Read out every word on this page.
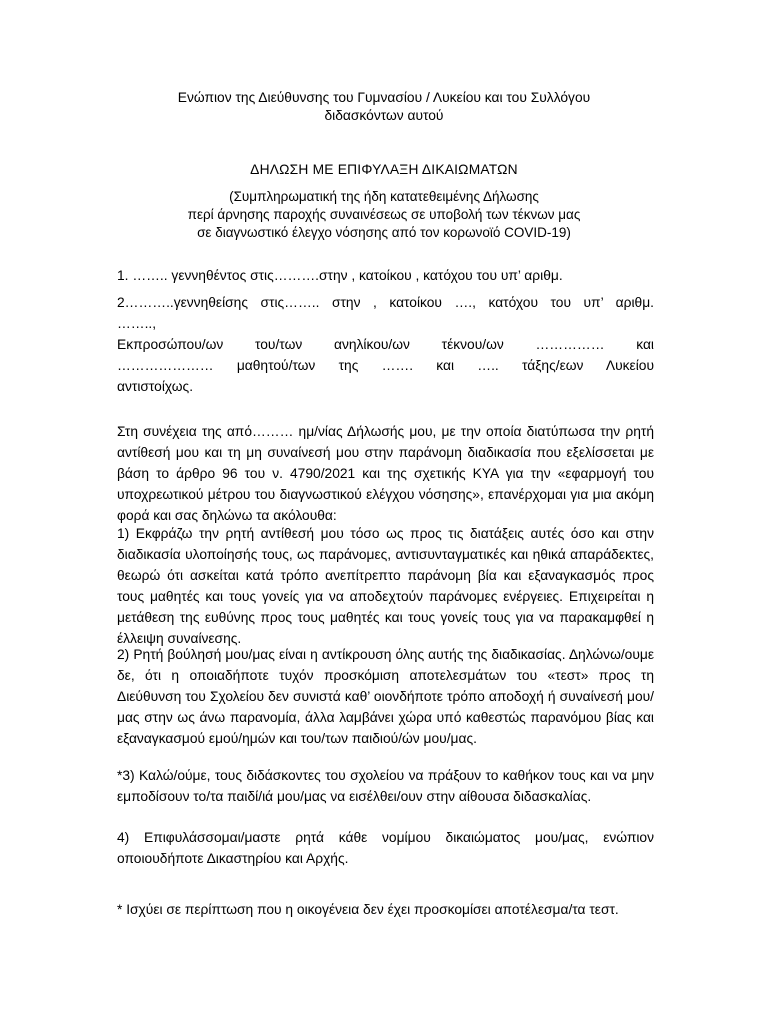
Ενώπιον της Διεύθυνσης του Γυμνασίου / Λυκείου και του Συλλόγου
διδασκόντων αυτού
ΔΗΛΩΣΗ ΜΕ ΕΠΙΦΥΛΑΞΗ ΔΙΚΑΙΩΜΑΤΩΝ
(Συμπληρωματική της ήδη κατατεθειμένης Δήλωσης
περί άρνησης παροχής συναινέσεως σε υποβολή των τέκνων μας
σε διαγνωστικό έλεγχο νόσησης από τον κορωνοϊό COVID-19)
1. …….. γεννηθέντος στις……….στην , κατοίκου , κατόχου του υπ’ αριθμ.
2………..γεννηθείσης στις…….. στην , κατοίκου …., κατόχου του υπ’ αριθμ.
……..,
Εκπροσώπου/ων του/των ανηλίκου/ων τέκνου/ων …………… και
………………… μαθητού/των της ……. και ….. τάξης/εων Λυκείου
αντιστοίχως.
Στη συνέχεια της από……… ημ/νίας Δήλωσής μου, με την οποία διατύπωσα την ρητή αντίθεσή μου και τη μη συναίνεσή μου στην παράνομη διαδικασία που εξελίσσεται με βάση το άρθρο 96 του ν. 4790/2021 και της σχετικής ΚΥΑ για την «εφαρμογή του υποχρεωτικού μέτρου του διαγνωστικού ελέγχου νόσησης», επανέρχομαι για μια ακόμη φορά και σας δηλώνω τα ακόλουθα:
1) Εκφράζω την ρητή αντίθεσή μου τόσο ως προς τις διατάξεις αυτές όσο και στην διαδικασία υλοποίησής τους, ως παράνομες, αντισυνταγματικές και ηθικά απαράδεκτες, θεωρώ ότι ασκείται κατά τρόπο ανεπίτρεπτο παράνομη βία και εξαναγκασμός προς τους μαθητές και τους γονείς για να αποδεχτούν παράνομες ενέργειες. Επιχειρείται η μετάθεση της ευθύνης προς τους μαθητές και τους γονείς τους για να παρακαμφθεί η έλλειψη συναίνεσης.
2) Ρητή βούλησή μου/μας είναι η αντίκρουση όλης αυτής της διαδικασίας. Δηλώνω/ουμε δε, ότι η οποιαδήποτε τυχόν προσκόμιση αποτελεσμάτων του «τεστ» προς τη Διεύθυνση του Σχολείου δεν συνιστά καθ’ οιονδήποτε τρόπο αποδοχή ή συναίνεσή μου/μας στην ως άνω παρανομία, άλλα λαμβάνει χώρα υπό καθεστώς παρανόμου βίας και εξαναγκασμού εμού/ημών και του/των παιδιού/ών μου/μας.
*3) Καλώ/ούμε, τους διδάσκοντες του σχολείου να πράξουν το καθήκον τους και να μην εμποδίσουν το/τα παιδί/ιά μου/μας να εισέλθει/ουν στην αίθουσα διδασκαλίας.
4) Επιφυλάσσομαι/μαστε ρητά κάθε νομίμου δικαιώματος μου/μας, ενώπιον οποιουδήποτε Δικαστηρίου και Αρχής.
* Ισχύει σε περίπτωση που η οικογένεια δεν έχει προσκομίσει αποτέλεσμα/τα τεστ.
